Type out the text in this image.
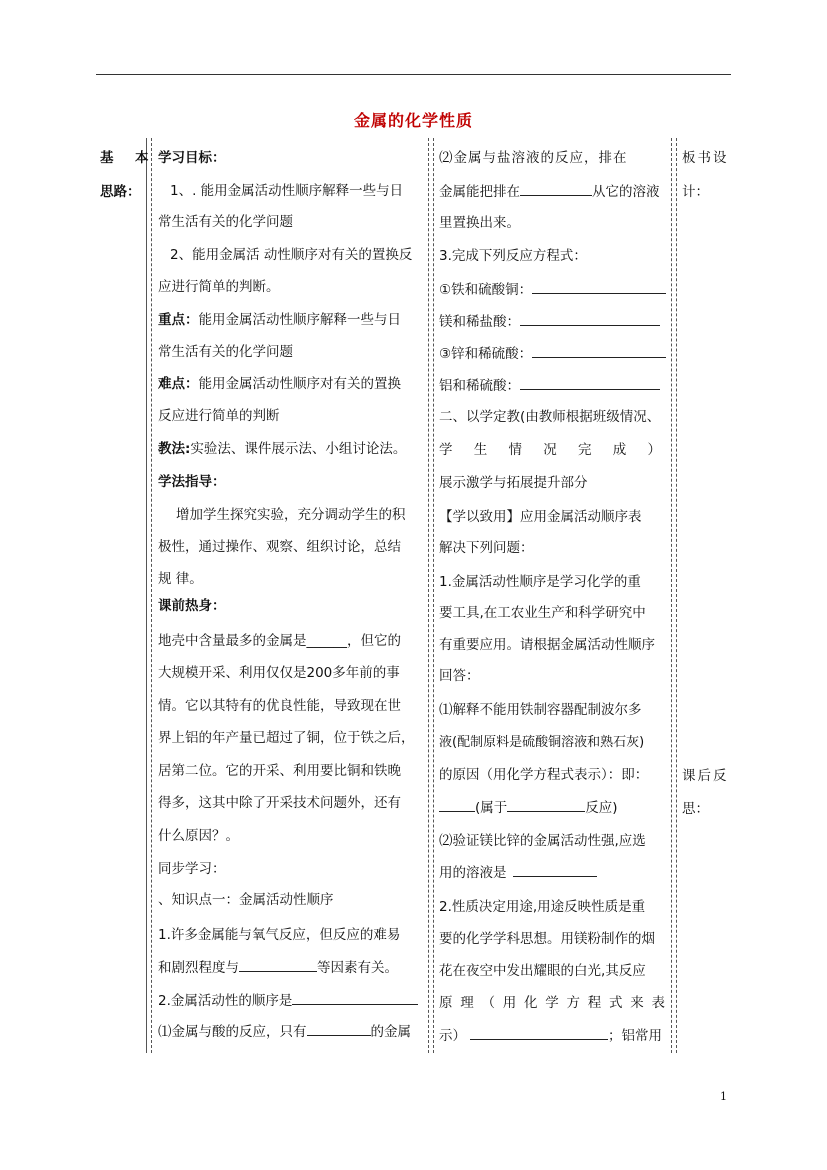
金属的化学性质
基　本
思路：
学习目标：
1、. 能用金属活动性顺序解释一些与日
常生活有关的化学问题
2、能用金属活 动性顺序对有关的置换反
应进行简单的判断。
重点：能用金属活动性顺序解释一些与日
常生活有关的化学问题
难点：能用金属活动性顺序对有关的置换
反应进行简单的判断
教法:实验法、课件展示法、小组讨论法。
学法指导：
增加学生探究实验，充分调动学生的积
极性，通过操作、观察、组织讨论，总结
规 律。
课前热身：
地壳中含量最多的金属是______，但它的
大规模开采、利用仅仅是200多年前的事
情。它以其特有的优良性能，导致现在世
界上铝的年产量已超过了铜，位于铁之后，
居第二位。它的开采、利用要比铜和铁晚
得多，这其中除了开采技术问题外，还有
什么原因？。
同步学习：
、知识点一：金属活动性顺序
1.许多金属能与氧气反应，但反应的难易
和剧烈程度与	等因素有关。
2.金属活动性的顺序是
⑴金属与酸的反应，只有	的金属
⑵金属与盐溶液的反应，排在
金属能把排在	从它的溶液
里置换出来。
3.完成下列反应方程式：
①铁和硫酸铜：
镁和稀盐酸：
③锌和稀硫酸：
铝和稀硫酸：
二、以学定教(由教师根据班级情况、
学 生 情 况 完 成 ）
展示激学与拓展提升部分
【学以致用】应用金属活动顺序表
解决下列问题：
1.金属活动性顺序是学习化学的重
要工具,在工农业生产和科学研究中
有重要应用。请根据金属活动性顺序
回答：
⑴解释不能用铁制容器配制波尔多
液(配制原料是硫酸铜溶液和熟石灰)
的原因（用化学方程式表示）：即：
(属于	反应)
⑵验证镁比锌的金属活动性强,应选
用的溶液是
2.性质决定用途,用途反映性质是重
要的化学学科思想。用镁粉制作的烟
花在夜空中发出耀眼的白光,其反应
原 理 （ 用 化 学 方 程 式 来 表
示）	；铝常用
板书设
计：
课后反
思：
1
